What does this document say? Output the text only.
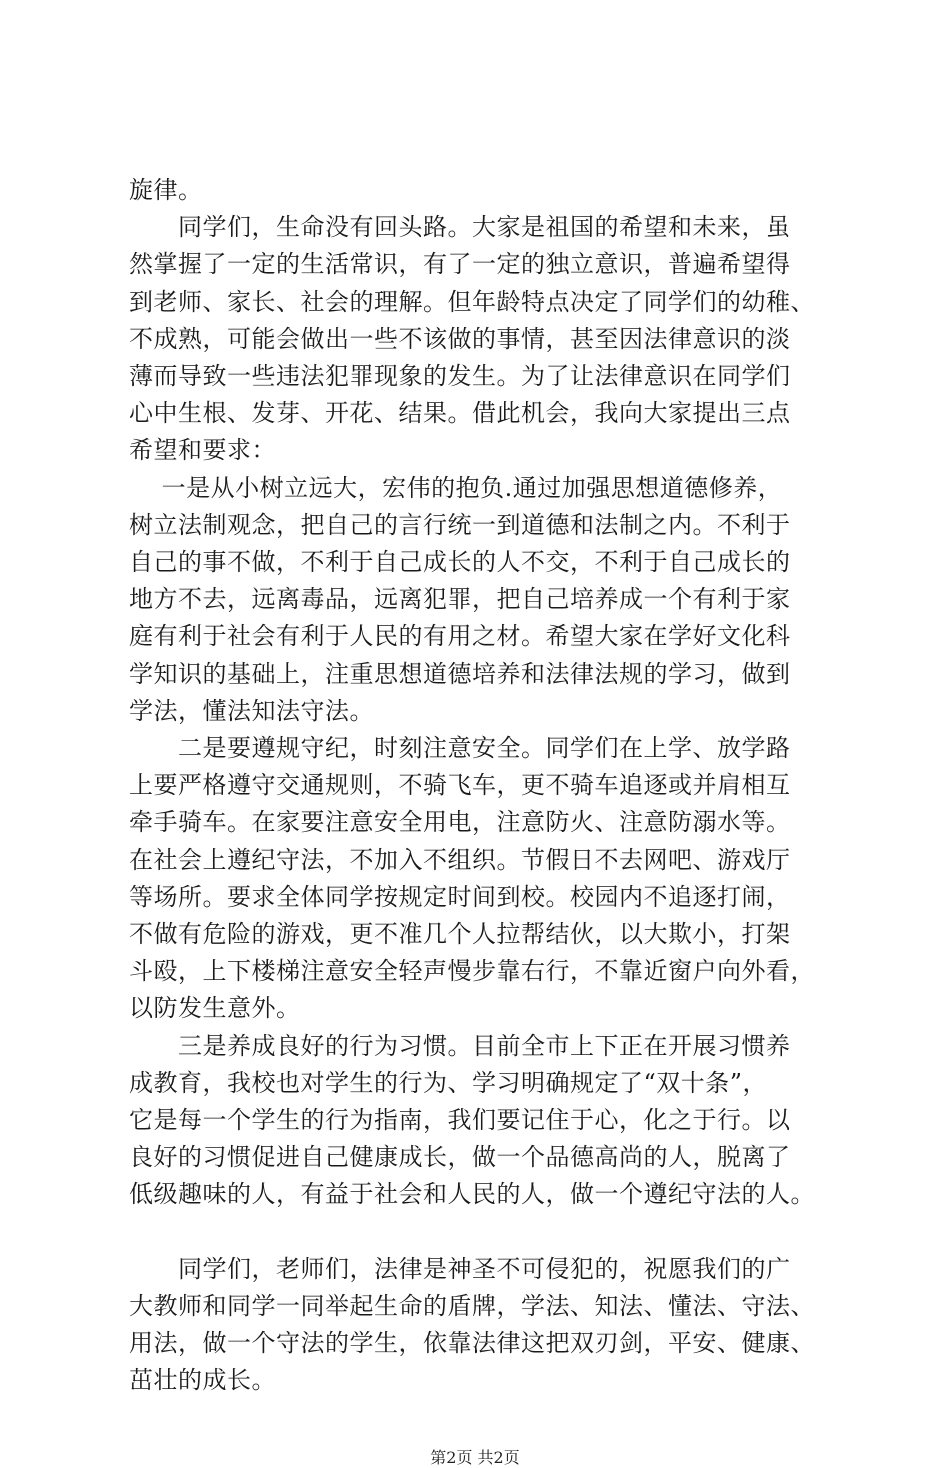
旋律。
　　同学们，生命没有回头路。大家是祖国的希望和未来，虽
然掌握了一定的生活常识，有了一定的独立意识，普遍希望得
到老师、家长、社会的理解。但年龄特点决定了同学们的幼稚、
不成熟，可能会做出一些不该做的事情，甚至因法律意识的淡
薄而导致一些违法犯罪现象的发生。为了让法律意识在同学们
心中生根、发芽、开花、结果。借此机会，我向大家提出三点
希望和要求：
　 一是从小树立远大，宏伟的抱负.通过加强思想道德修养，
树立法制观念，把自己的言行统一到道德和法制之内。不利于
自己的事不做，不利于自己成长的人不交，不利于自己成长的
地方不去，远离毒品，远离犯罪，把自己培养成一个有利于家
庭有利于社会有利于人民的有用之材。希望大家在学好文化科
学知识的基础上，注重思想道德培养和法律法规的学习，做到
学法，懂法知法守法。
　　二是要遵规守纪，时刻注意安全。同学们在上学、放学路
上要严格遵守交通规则，不骑飞车，更不骑车追逐或并肩相互
牵手骑车。在家要注意安全用电，注意防火、注意防溺水等。
在社会上遵纪守法，不加入不组织。节假日不去网吧、游戏厅
等场所。要求全体同学按规定时间到校。校园内不追逐打闹，
不做有危险的游戏，更不准几个人拉帮结伙，以大欺小，打架
斗殴，上下楼梯注意安全轻声慢步靠右行，不靠近窗户向外看，
以防发生意外。
　　三是养成良好的行为习惯。目前全市上下正在开展习惯养
成教育，我校也对学生的行为、学习明确规定了“双十条”，
它是每一个学生的行为指南，我们要记住于心，化之于行。以
良好的习惯促进自己健康成长，做一个品德高尚的人，脱离了
低级趣味的人，有益于社会和人民的人，做一个遵纪守法的人。
　　同学们，老师们，法律是神圣不可侵犯的，祝愿我们的广
大教师和同学一同举起生命的盾牌，学法、知法、懂法、守法、
用法，做一个守法的学生，依靠法律这把双刃剑，平安、健康、
茁壮的成长。
第2页 共2页
